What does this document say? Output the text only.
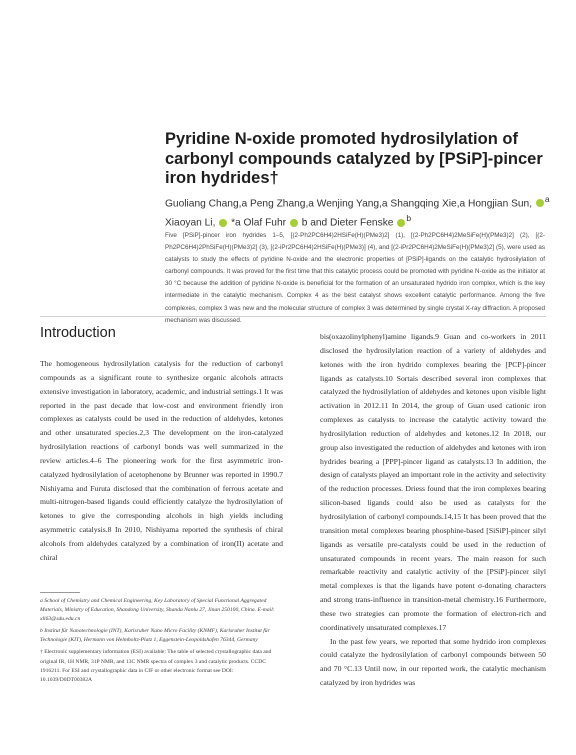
Pyridine N-oxide promoted hydrosilylation of carbonyl compounds catalyzed by [PSiP]-pincer iron hydrides†
Guoliang Chang,a Peng Zhang,a Wenjing Yang,a Shangqing Xie,a Hongjian Sun, $^a$
Xiaoyan Li, *a Olaf Fuhr b and Dieter Fenske $^b$

Five [PSiP]-pincer iron hydrides 1–5, [(2-Ph2PC6H4)2HSiFe(H)(PMe3)2] (1), [(2-Ph2PC6H4)2MeSiFe(H)(PMe3)2] (2), [(2-Ph2PC6H4)2PhSiFe(H)(PMe3)2] (3), [(2-iPr2PC6H4)2HSiFe(H)(PMe3)] (4), and [(2-iPr2PC6H4)2MeSiFe(H)(PMe3)2] (5), were used as catalysts to study the effects of pyridine N-oxide and the electronic properties of [PSiP]-ligands on the catalytic hydrosilylation of carbonyl compounds. It was proved for the first time that this catalytic process could be promoted with pyridine N-oxide as the initiator at 30 °C because the addition of pyridine N-oxide is beneficial for the formation of an unsaturated hydrido iron complex, which is the key intermediate in the catalytic mechanism. Complex 4 as the best catalyst shows excellent catalytic performance. Among the five complexes, complex 3 was new and the molecular structure of complex 3 was determined by single crystal X-ray diffraction. A proposed mechanism was discussed.

Introduction

The homogeneous hydrosilylation catalysis for the reduction of carbonyl compounds as a significant route to synthesize organic alcohols attracts extensive investigation in laboratory, academic, and industrial settings.1 It was reported in the past decade that low-cost and environment friendly iron complexes as catalysts could be used in the reduction of aldehydes, ketones and other unsaturated species.2,3 The development on the iron-catalyzed hydrosilylation reactions of carbonyl bonds was well summarized in the review articles.4–6 The pioneering work for the first asymmetric iron-catalyzed hydrosilylation of acetophenone by Brunner was reported in 1990.7 Nishiyama and Furuta disclosed that the combination of ferrous acetate and multi-nitrogen-based ligands could efficiently catalyze the hydrosilylation of ketones to give the corresponding alcohols in high yields including asymmetric catalysis.8 In 2010, Nishiyama reported the synthesis of chiral alcohols from aldehydes catalyzed by a combination of iron(II) acetate and chiral

bis(oxazolinylphenyl)amine ligands.9 Guan and co-workers in 2011 disclosed the hydrosilylation reaction of a variety of aldehydes and ketones with the iron hydrido complexes bearing the [PCP]-pincer ligands as catalysts.10 Sortais described several iron complexes that catalyzed the hydrosilylation of aldehydes and ketones upon visible light activation in 2012.11 In 2014, the group of Guan used cationic iron complexes as catalysts to increase the catalytic activity toward the hydrosilylation reduction of aldehydes and ketones.12 In 2018, our group also investigated the reduction of aldehydes and ketones with iron hydrides bearing a [PPP]-pincer ligand as catalysts.13 In addition, the design of catalysts played an important role in the activity and selectivity of the reduction processes. Driess found that the iron complexes bearing silicon-based ligands could also be used as catalysts for the hydrosilylation of carbonyl compounds.14,15 It has been proved that the transition metal complexes bearing phosphine-based [SiSiP]-pincer silyl ligands as versatile pre-catalysts could be used in the reduction of unsaturated compounds in recent years. The main reason for such remarkable reactivity and catalytic activity of the [PSiP]-pincer silyl metal complexes is that the ligands have potent σ-donating characters and strong trans-influence in transition-metal chemistry.16 Furthermore, these two strategies can promote the formation of electron-rich and coordinatively unsaturated complexes.17

In the past few years, we reported that some hydrido iron complexes could catalyze the hydrosilylation of carbonyl compounds between 50 and 70 °C.13 Until now, in our reported work, the catalytic mechanism catalyzed by iron hydrides was

a School of Chemistry and Chemical Engineering, Key Laboratory of Special Functional Aggregated Materials, Ministry of Education, Shandong University, Shanda Nanlu 27, Jinan 250100, China. E-mail: xli63@sdu.edu.cn

b Institut für Nanotechnologie (INT), Karlsruher Nano Micro Facility (KNMF), Karlsruher Institut für Technologie (KIT), Hermann von Helmholtz-Platz 1, Eggenstein-Leopoldshafen 76344, Germany

† Electronic supplementary information (ESI) available: The table of selected crystallographic data and original IR, 1H NMR, 31P NMR, and 13C NMR spectra of complex 3 and catalytic products. CCDC 1916211. For ESI and crystallographic data in CIF or other electronic format see DOI: 10.1039/D0DT00382A
